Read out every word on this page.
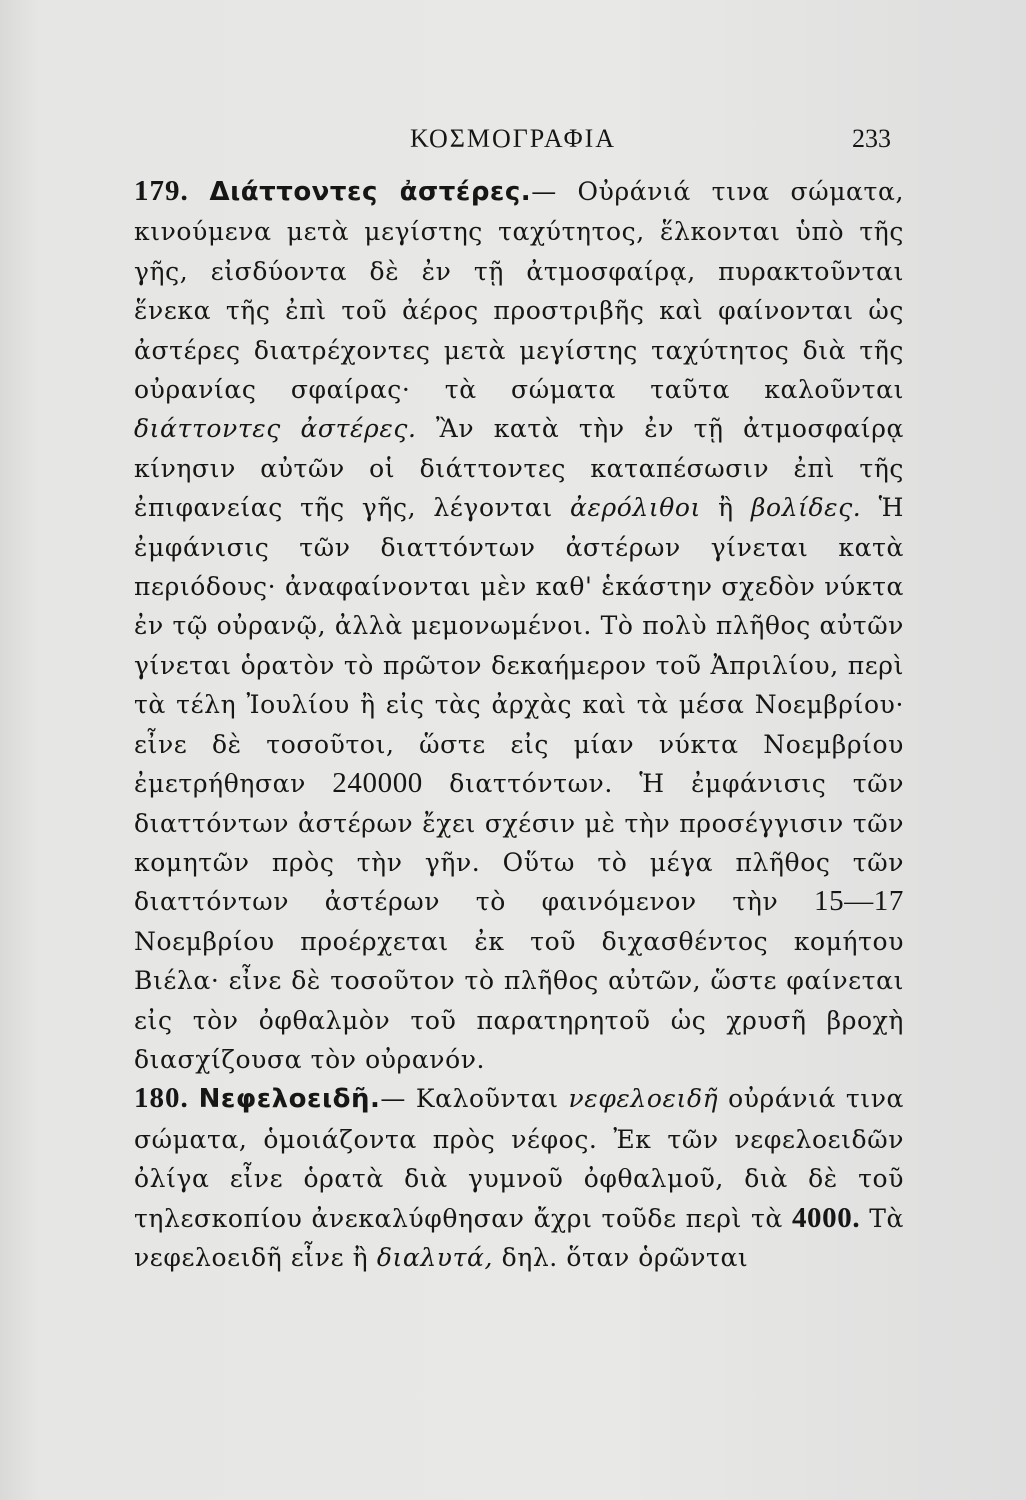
ΚΟΣΜΟΓΡΑΦΙΑ	233

179. Διάττοντες ἀστέρες.— Οὐράνιά τινα σώματα, κινούμενα μετὰ μεγίστης ταχύτητος, ἕλκονται ὑπὸ τῆς γῆς, εἰσδύοντα δὲ ἐν τῇ ἀτμοσφαίρᾳ, πυρακτοῦνται ἕνεκα τῆς ἐπὶ τοῦ ἀέρος προστριβῆς καὶ φαίνονται ὡς ἀστέρες διατρέχοντες μετὰ μεγίστης ταχύτητος διὰ τῆς οὐρανίας σφαίρας· τὰ σώματα ταῦτα καλοῦνται διάττοντες ἀστέρες. Ἂν κατὰ τὴν ἐν τῇ ἀτμοσφαίρᾳ κίνησιν αὐτῶν οἱ διάττοντες καταπέσωσιν ἐπὶ τῆς ἐπιφανείας τῆς γῆς, λέγονται ἀερόλιθοι ἢ βολίδες. Ἡ ἐμφάνισις τῶν διαττόντων ἀστέρων γίνεται κατὰ περιόδους· ἀναφαίνονται μὲν καθ' ἑκάστην σχεδὸν νύκτα ἐν τῷ οὐρανῷ, ἀλλὰ μεμονωμένοι. Τὸ πολὺ πλῆθος αὐτῶν γίνεται ὁρατὸν τὸ πρῶτον δεκαήμερον τοῦ Ἀπριλίου, περὶ τὰ τέλη Ἰουλίου ἢ εἰς τὰς ἀρχὰς καὶ τὰ μέσα Νοεμβρίου· εἶνε δὲ τοσοῦτοι, ὥστε εἰς μίαν νύκτα Νοεμβρίου ἐμετρήθησαν 240000 διαττόντων. Ἡ ἐμφάνισις τῶν διαττόντων ἀστέρων ἔχει σχέσιν μὲ τὴν προσέγγισιν τῶν κομητῶν πρὸς τὴν γῆν. Οὕτω τὸ μέγα πλῆθος τῶν διαττόντων ἀστέρων τὸ φαινόμενον τὴν 15—17 Νοεμβρίου προέρχεται ἐκ τοῦ διχασθέντος κομήτου Βιέλα· εἶνε δὲ τοσοῦτον τὸ πλῆθος αὐτῶν, ὥστε φαίνεται εἰς τὸν ὀφθαλμὸν τοῦ παρατηρητοῦ ὡς χρυσῆ βροχὴ διασχίζουσα τὸν οὐρανόν.

180. Νεφελοειδῆ.— Καλοῦνται νεφελοειδῆ οὐράνιά τινα σώματα, ὁμοιάζοντα πρὸς νέφος. Ἐκ τῶν νεφελοειδῶν ὀλίγα εἶνε ὁρατὰ διὰ γυμνοῦ ὀφθαλμοῦ, διὰ δὲ τοῦ τηλεσκοπίου ἀνεκαλύφθησαν ἄχρι τοῦδε περὶ τὰ 4000. Τὰ νεφελοειδῆ εἶνε ἢ διαλυτά, δηλ. ὅταν ὁρῶνται
